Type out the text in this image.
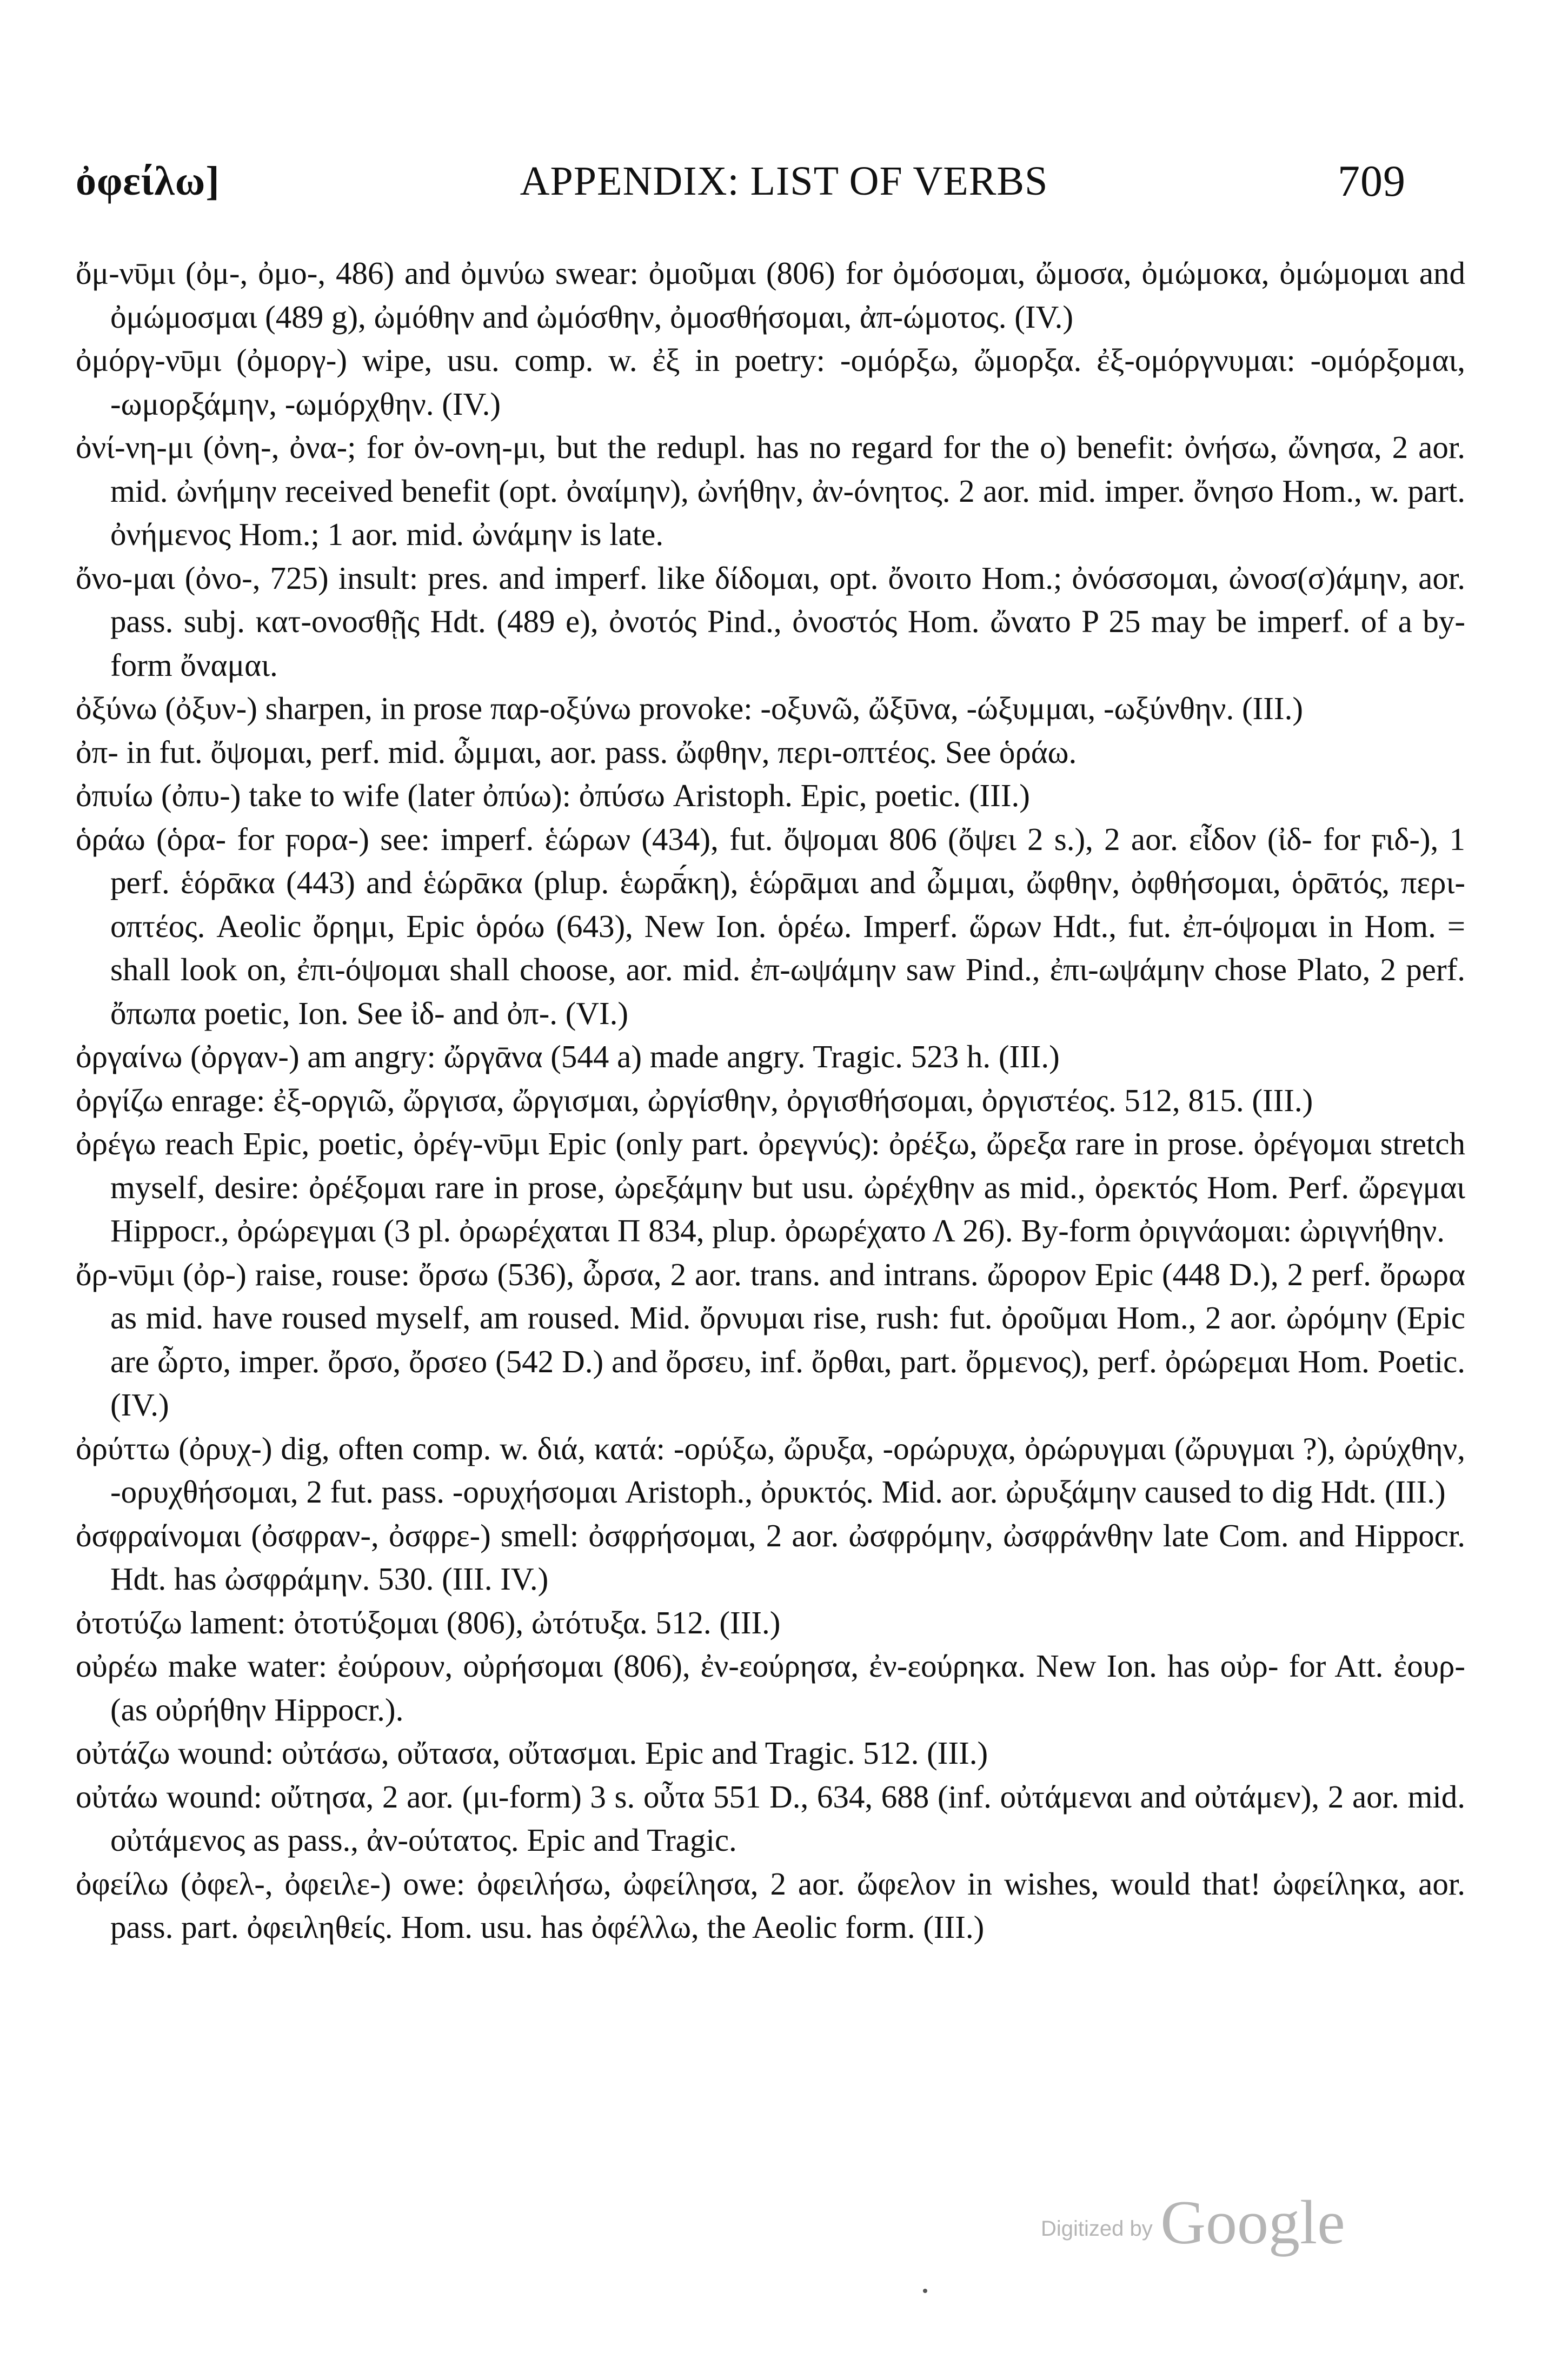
ὀφείλω]	APPENDIX: LIST OF VERBS	709

ὄμ-νῡμι (ὀμ-, ὀμο-, 486) and ὀμνύω swear: ὀμοῦμαι (806) for ὀμόσομαι, ὤμοσα, ὀμώμοκα, ὀμώμομαι and ὀμώμοσμαι (489 g), ὠμόθην and ὠμόσθην, ὀμοσθήσομαι, ἀπ-ώμοτος. (IV.)

ὀμόργ-νῡμι (ὀμοργ-) wipe, usu. comp. w. ἐξ in poetry: -ομόρξω, ὤμορξα. ἐξ-ομόργνυμαι: -ομόρξομαι, -ωμορξάμην, -ωμόρχθην. (IV.)

ὀνί-νη-μι (ὀνη-, ὀνα-; for ὀν-ονη-μι, but the redupl. has no regard for the ο) benefit: ὀνήσω, ὤνησα, 2 aor. mid. ὠνήμην received benefit (opt. ὀναίμην), ὠνήθην, ἀν-όνητος. 2 aor. mid. imper. ὄνησο Hom., w. part. ὀνήμενος Hom.; 1 aor. mid. ὠνάμην is late.

ὄνο-μαι (ὀνο-, 725) insult: pres. and imperf. like δίδομαι, opt. ὄνοιτο Hom.; ὀνόσσομαι, ὠνοσ(σ)άμην, aor. pass. subj. κατ-ονοσθῇς Hdt. (489 e), ὀνοτός Pind., ὀνοστός Hom. ὤνατο P 25 may be imperf. of a by-form ὄναμαι.

ὀξύνω (ὀξυν-) sharpen, in prose παρ-οξύνω provoke: -οξυνῶ, ὤξῡνα, -ώξυμμαι, -ωξύνθην. (III.)

ὀπ- in fut. ὄψομαι, perf. mid. ὦμμαι, aor. pass. ὤφθην, περι-οπτέος. See ὁράω.

ὀπυίω (ὀπυ-) take to wife (later ὀπύω): ὀπύσω Aristoph. Epic, poetic. (III.)

ὁράω (ὁρα- for ϝορα-) see: imperf. ἑώρων (434), fut. ὄψομαι 806 (ὄψει 2 s.), 2 aor. εἶδον (ἰδ- for ϝιδ-), 1 perf. ἑόρᾱκα (443) and ἑώρᾱκα (plup. ἑωρᾱ́κη), ἑώρᾱμαι and ὦμμαι, ὤφθην, ὀφθήσομαι, ὁρᾱτός, περι-οπτέος. Aeolic ὄρημι, Epic ὁρόω (643), New Ion. ὁρέω. Imperf. ὥρων Hdt., fut. ἐπ-όψομαι in Hom. = shall look on, ἐπι-όψομαι shall choose, aor. mid. ἐπ-ωψάμην saw Pind., ἐπι-ωψάμην chose Plato, 2 perf. ὄπωπα poetic, Ion. See ἰδ- and ὀπ-. (VI.)

ὀργαίνω (ὀργαν-) am angry: ὤργᾱνα (544 a) made angry. Tragic. 523 h. (III.)

ὀργίζω enrage: ἐξ-οργιῶ, ὤργισα, ὤργισμαι, ὠργίσθην, ὀργισθήσομαι, ὀργιστέος. 512, 815. (III.)

ὀρέγω reach Epic, poetic, ὀρέγ-νῡμι Epic (only part. ὀρεγνύς): ὀρέξω, ὤρεξα rare in prose. ὀρέγομαι stretch myself, desire: ὀρέξομαι rare in prose, ὠρεξάμην but usu. ὠρέχθην as mid., ὀρεκτός Hom. Perf. ὤρεγμαι Hippocr., ὀρώρεγμαι (3 pl. ὀρωρέχαται Π 834, plup. ὀρωρέχατο Λ 26). By-form ὀριγνάομαι: ὠριγνήθην.

ὄρ-νῡμι (ὀρ-) raise, rouse: ὄρσω (536), ὦρσα, 2 aor. trans. and intrans. ὤρορον Epic (448 D.), 2 perf. ὄρωρα as mid. have roused myself, am roused. Mid. ὄρνυμαι rise, rush: fut. ὀροῦμαι Hom., 2 aor. ὠρόμην (Epic are ὦρτο, imper. ὄρσο, ὄρσεο (542 D.) and ὄρσευ, inf. ὄρθαι, part. ὄρμενος), perf. ὀρώρεμαι Hom. Poetic. (IV.)

ὀρύττω (ὀρυχ-) dig, often comp. w. διά, κατά: -ορύξω, ὤρυξα, -ορώρυχα, ὀρώρυγμαι (ὤρυγμαι ?), ὠρύχθην, -ορυχθήσομαι, 2 fut. pass. -ορυχήσομαι Aristoph., ὀρυκτός. Mid. aor. ὠρυξάμην caused to dig Hdt. (III.)

ὀσφραίνομαι (ὀσφραν-, ὀσφρε-) smell: ὀσφρήσομαι, 2 aor. ὠσφρόμην, ὠσφράνθην late Com. and Hippocr. Hdt. has ὠσφράμην. 530. (III. IV.)

ὀτοτύζω lament: ὀτοτύξομαι (806), ὠτότυξα. 512. (III.)

οὐρέω make water: ἐούρουν, οὐρήσομαι (806), ἐν-εούρησα, ἐν-εούρηκα. New Ion. has οὐρ- for Att. ἐουρ- (as οὐρήθην Hippocr.).

οὐτάζω wound: οὐτάσω, οὔτασα, οὔτασμαι. Epic and Tragic. 512. (III.)

οὐτάω wound: οὔτησα, 2 aor. (μι-form) 3 s. οὖτα 551 D., 634, 688 (inf. οὐτάμεναι and οὐτάμεν), 2 aor. mid. οὐτάμενος as pass., ἀν-ούτατος. Epic and Tragic.

ὀφείλω (ὀφελ-, ὀφειλε-) owe: ὀφειλήσω, ὠφείλησα, 2 aor. ὤφελον in wishes, would that! ὠφείληκα, aor. pass. part. ὀφειληθείς. Hom. usu. has ὀφέλλω, the Aeolic form. (III.)

Digitized by Google
